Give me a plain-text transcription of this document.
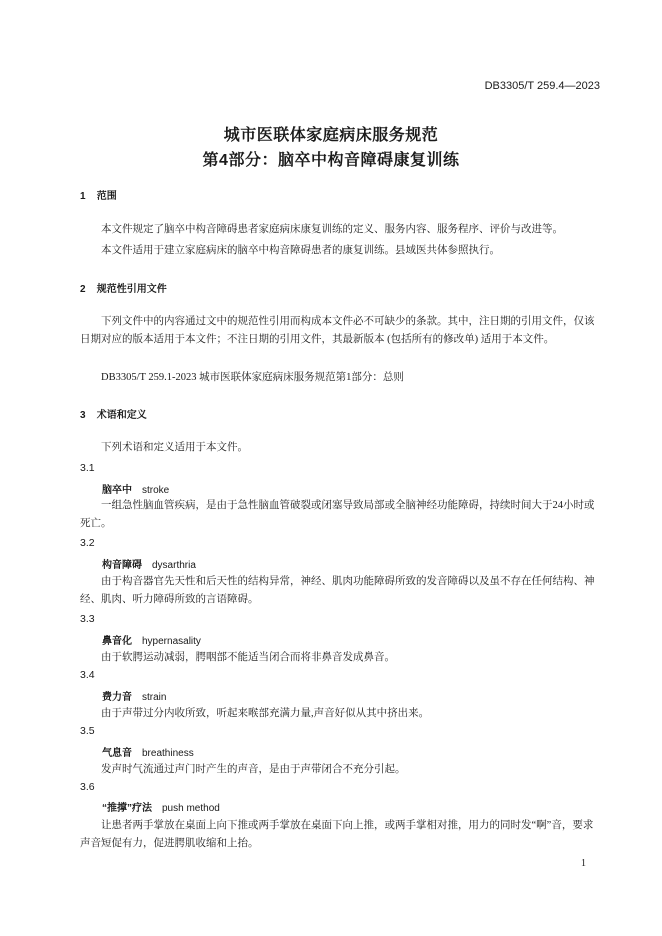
DB3305/T 259.4—2023
城市医联体家庭病床服务规范
第4部分：脑卒中构音障碍康复训练
1 范围
本文件规定了脑卒中构音障碍患者家庭病床康复训练的定义、服务内容、服务程序、评价与改进等。
本文件适用于建立家庭病床的脑卒中构音障碍患者的康复训练。县域医共体参照执行。
2 规范性引用文件
下列文件中的内容通过文中的规范性引用而构成本文件必不可缺少的条款。其中，注日期的引用文件，仅该日期对应的版本适用于本文件；不注日期的引用文件，其最新版本 (包括所有的修改单) 适用于本文件。
DB3305/T 259.1-2023 城市医联体家庭病床服务规范第1部分：总则
3 术语和定义
下列术语和定义适用于本文件。
3.1
脑卒中 stroke
一组急性脑血管疾病，是由于急性脑血管破裂或闭塞导致局部或全脑神经功能障碍，持续时间大于24小时或死亡。
3.2
构音障碍 dysarthria
由于构音器官先天性和后天性的结构异常，神经、肌肉功能障碍所致的发音障碍以及虽不存在任何结构、神经、肌肉、听力障碍所致的言语障碍。
3.3
鼻音化 hypernasality
由于软腭运动减弱，腭咽部不能适当闭合而将非鼻音发成鼻音。
3.4
费力音 strain
由于声带过分内收所致，听起来喉部充满力量,声音好似从其中挤出来。
3.5
气息音 breathiness
发声时气流通过声门时产生的声音，是由于声带闭合不充分引起。
3.6
“推撑”疗法 push method
让患者两手掌放在桌面上向下推或两手掌放在桌面下向上推，或两手掌相对推，用力的同时发“啊”音，要求声音短促有力，促进腭肌收缩和上抬。
1
